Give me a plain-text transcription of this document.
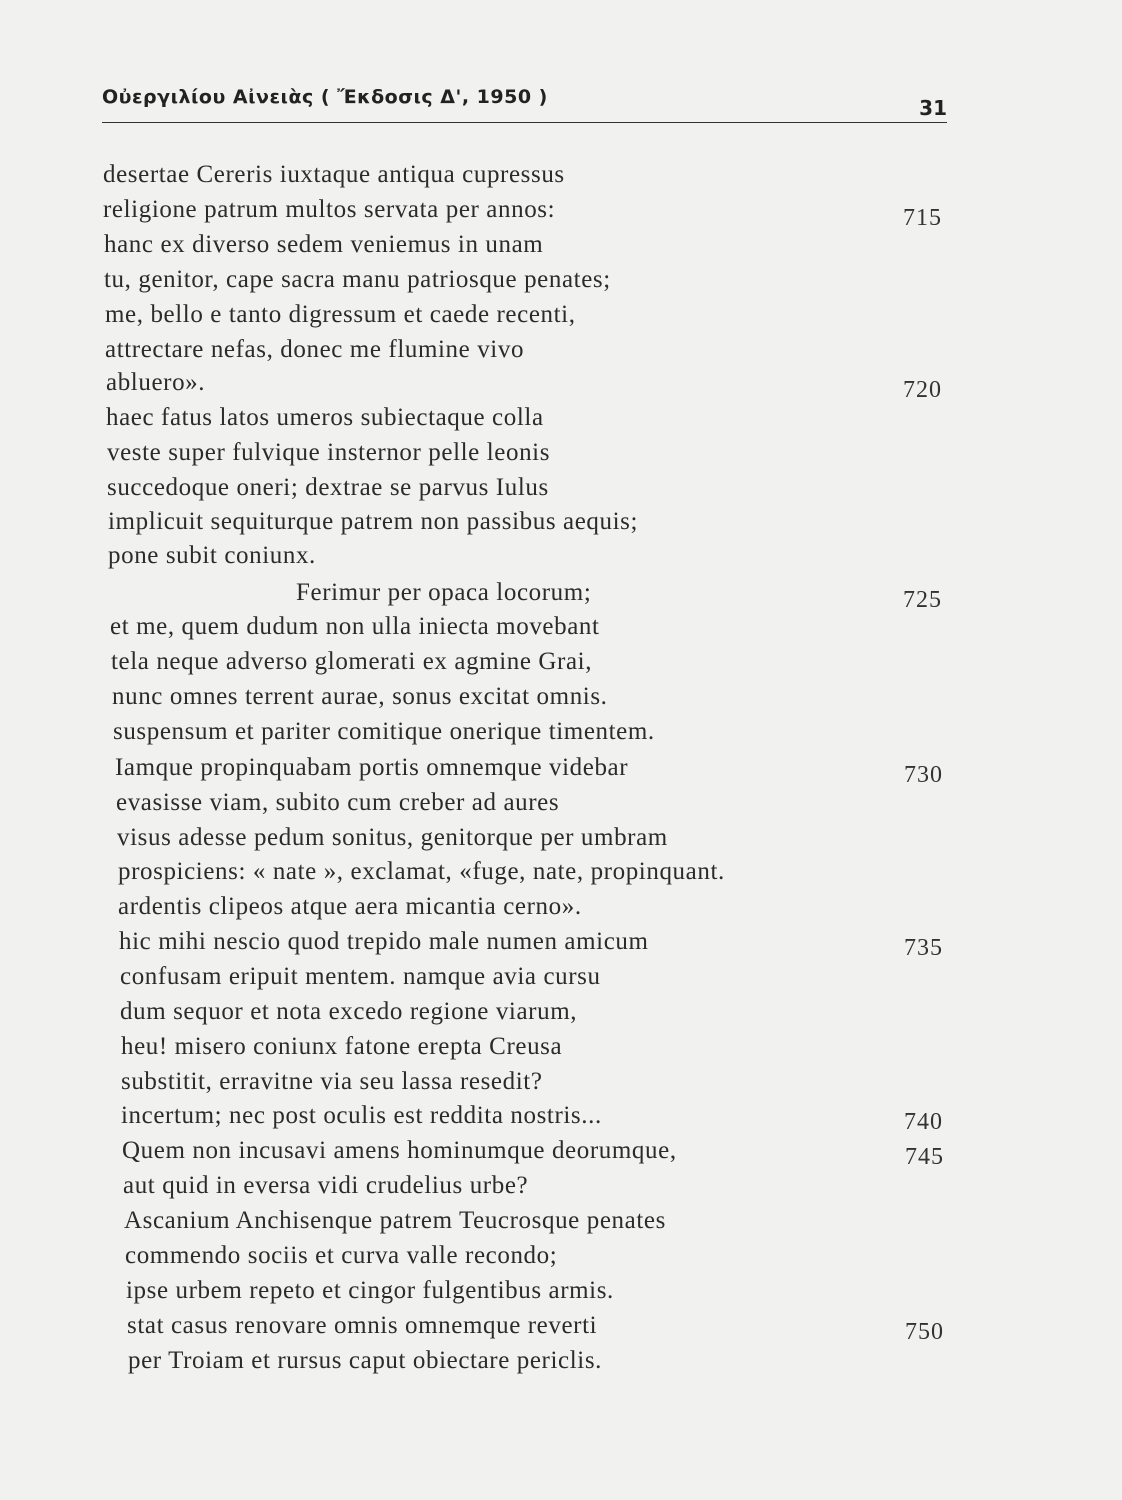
Οὐεργιλίου Αἰνειὰς ( Ἔκδοσις Δ', 1950 )	31
desertae Cereris iuxtaque antiqua cupressus
religione patrum multos servata per annos:
hanc ex diverso sedem veniemus in unam
tu, genitor, cape sacra manu patriosque penates;
me, bello e tanto digressum et caede recenti,
attrectare nefas, donec me flumine vivo
abluero».
haec fatus latos umeros subiectaque colla
veste super fulvique insternor pelle leonis
succedoque oneri; dextrae se parvus Iulus
implicuit sequiturque patrem non passibus aequis;
pone subit coniunx.
Ferimur per opaca locorum;
et me, quem dudum non ulla iniecta movebant
tela neque adverso glomerati ex agmine Grai,
nunc omnes terrent aurae, sonus excitat omnis.
suspensum et pariter comitique onerique timentem.
Iamque propinquabam portis omnemque videbar
evasisse viam, subito cum creber ad aures
visus adesse pedum sonitus, genitorque per umbram
prospiciens: « nate », exclamat, «fuge, nate, propinquant.
ardentis clipeos atque aera micantia cerno».
hic mihi nescio quod trepido male numen amicum
confusam eripuit mentem. namque avia cursu
dum sequor et nota excedo regione viarum,
heu! misero coniunx fatone erepta Creusa
substitit, erravitne via seu lassa resedit?
incertum; nec post oculis est reddita nostris...
Quem non incusavi amens hominumque deorumque,
aut quid in eversa vidi crudelius urbe?
Ascanium Anchisenque patrem Teucrosque penates
commendo sociis et curva valle recondo;
ipse urbem repeto et cingor fulgentibus armis.
stat casus renovare omnis omnemque reverti
per Troiam et rursus caput obiectare periclis.
715
720
725
730
735
740
745
750
